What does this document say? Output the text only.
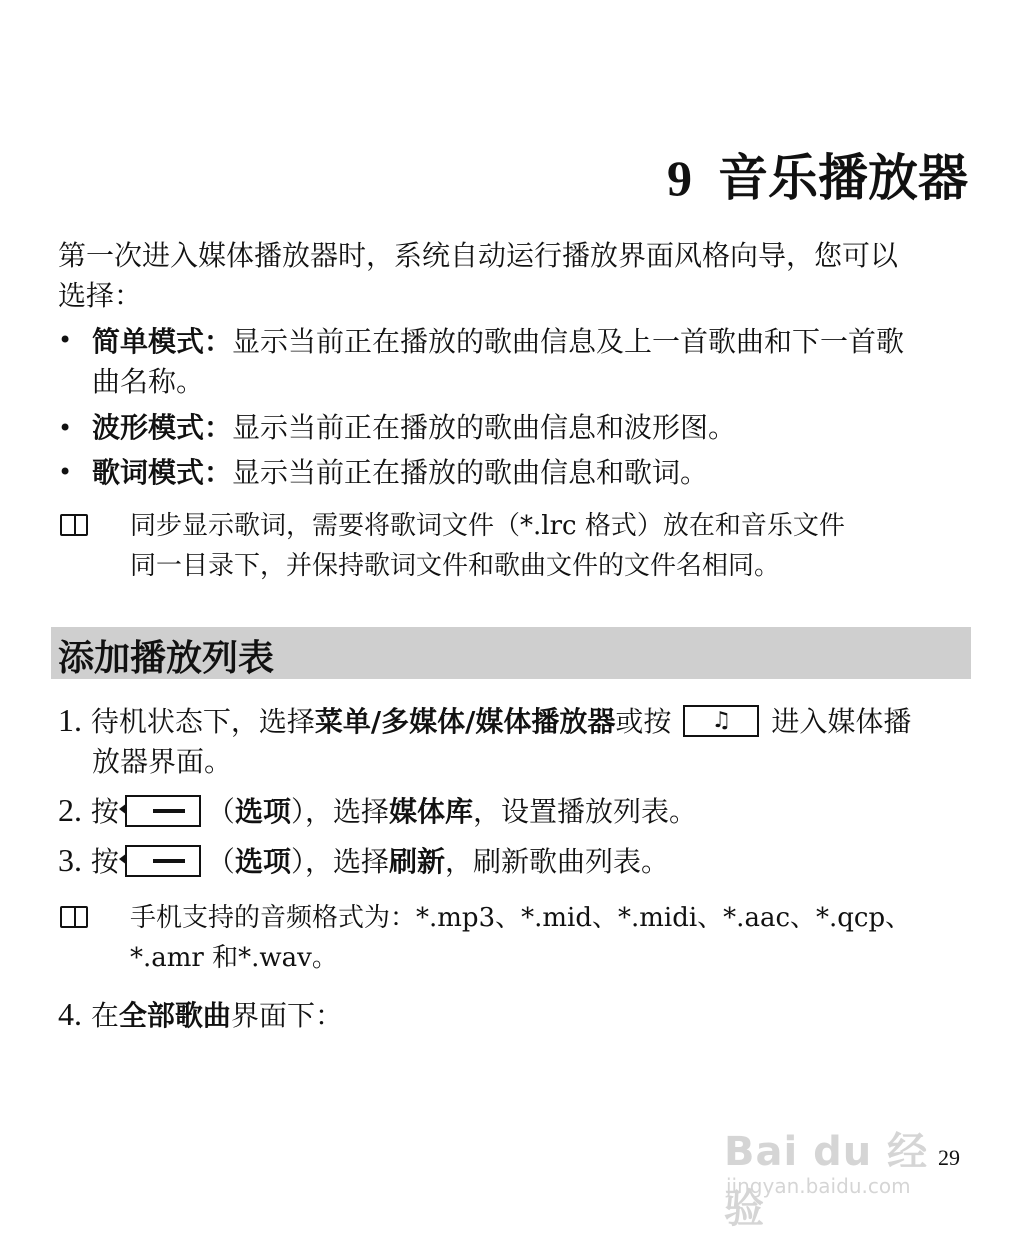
9 音乐播放器
第一次进入媒体播放器时，系统自动运行播放界面风格向导，您可以
选择：
• 简单模式：显示当前正在播放的歌曲信息及上一首歌曲和下一首歌
曲名称。
• 波形模式：显示当前正在播放的歌曲信息和波形图。
• 歌词模式：显示当前正在播放的歌曲信息和歌词。
同步显示歌词，需要将歌词文件（*.lrc 格式）放在和音乐文件
同一目录下，并保持歌词文件和歌曲文件的文件名相同。
添加播放列表
1. 待机状态下，选择菜单/多媒体/媒体播放器或按 ♫ 进入媒体播
放器界面。
2. 按	（选项），选择媒体库，设置播放列表。
3. 按	（选项），选择刷新，刷新歌曲列表。
手机支持的音频格式为：*.mp3、*.mid、*.midi、*.aac、*.qcp、
*.amr 和*.wav。
4. 在全部歌曲界面下：
Bai du 经验
jingyan.baidu.com
29
